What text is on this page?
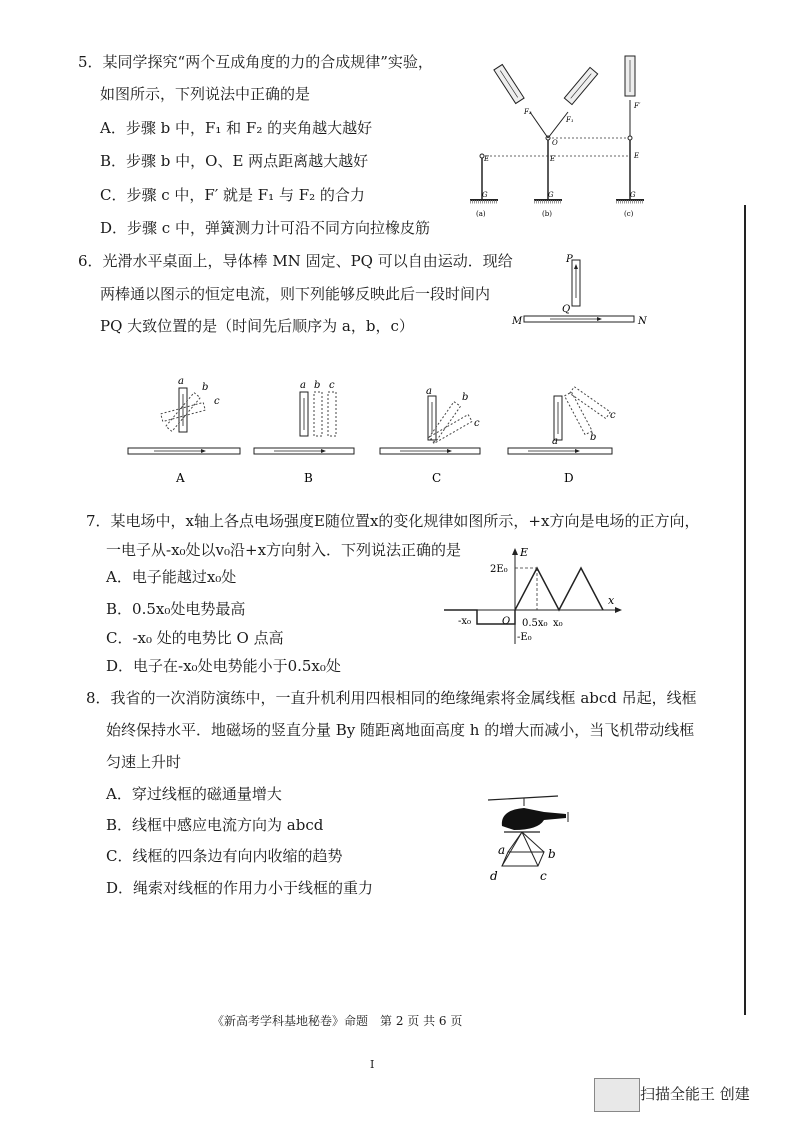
5．某同学探究“两个互成角度的力的合成规律”实验，
如图所示，下列说法中正确的是
A．步骤 b 中，F₁ 和 F₂ 的夹角越大越好
B．步骤 b 中，O、E 两点距离越大越好
C．步骤 c 中，F′ 就是 F₁ 与 F₂ 的合力
D．步骤 c 中，弹簧测力计可沿不同方向拉橡皮筋
E
G
O
E
G
F₂
F₁
F′
E
G
(a)	(b)	(c)
6．光滑水平桌面上，导体棒 MN 固定、PQ 可以自由运动．现给
两棒通以图示的恒定电流，则下列能够反映此后一段时间内
PQ 大致位置的是（时间先后顺序为 a，b，c）
P
Q
M	N
a
b
c
A
a b c
B
a
b
c
C
a	b
c
D
7．某电场中，x轴上各点电场强度E随位置x的变化规律如图所示，+x方向是电场的正方向，
一电子从-x₀处以v₀沿+x方向射入．下列说法正确的是
A．电子能越过x₀处
B．0.5x₀处电势最高
C．-x₀ 处的电势比 O 点高
D．电子在-x₀处电势能小于0.5x₀处
E
x
2E₀
-E₀
-x₀	O 0.5x₀ x₀
8．我省的一次消防演练中，一直升机利用四根相同的绝缘绳索将金属线框 abcd 吊起，线框
始终保持水平．地磁场的竖直分量 By 随距离地面高度 h 的增大而减小，当飞机带动线框
匀速上升时
A．穿过线框的磁通量增大
B．线框中感应电流方向为 abcd
C．线框的四条边有向内收缩的趋势
D．绳索对线框的作用力小于线框的重力
a	b
c
d
《新高考学科基地秘卷》命题　第 2 页 共 6 页
I
扫描全能王 创建
